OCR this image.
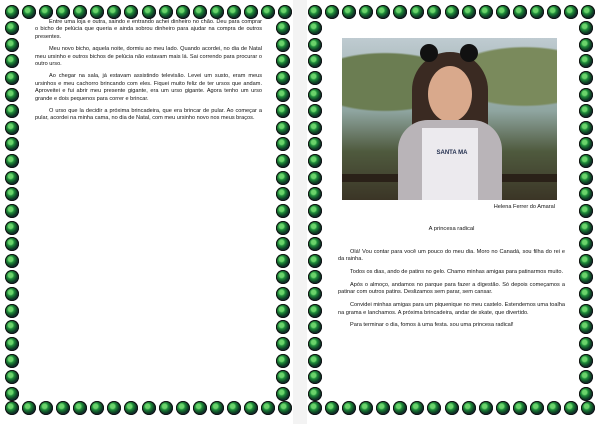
Entre uma loja e outra, saindo e entrando achei dinheiro no chão. Deu para comprar o bicho de pelúcia que queria e ainda sobrou dinheiro para ajudar na compra de outros presentes.

Meu novo bicho, aquela noite, dormiu ao meu lado. Quando acordei, no dia de Natal meu ursinho e outros bichos de pelúcia não estavam mais lá. Sai correndo para procurar o outro urso.

Ao chegar na sala, já estavam assistindo televisão. Levei um susto, eram meus ursinhos e meu cachorro brincando com eles. Fiquei muito feliz de ter ursos que andam. Aproveitei e fui abrir meu presente gigante, era um urso gigante. Agora tenho um urso grande e dois pequenos para correr e brincar.

O urso que la decidir a próxima brincadeira, que era brincar de pular. Ao começar a pular, acordei na minha cama, no dia de Natal, com meu ursinho novo nos meus braços.

SANTA MA
Helena Ferrer do Amaral
A princesa radical

Olá! Vou contar para você um pouco do meu dia. Moro no Canadá, sou filha do rei e da rainha.

Todos os dias, ando de patins no gelo. Chamo minhas amigas para patinarmos muito.

Após o almoço, andamos no parque para fazer a digestão. Só depois começamos a patinar com outros patins. Deslizamos sem parar, sem cansar.

Convidei minhas amigas para um piquenique no meu castelo. Estendemos uma toalha na grama e lanchamos. A próxima brincadeira, andar de skate, que divertido.

Para terminar o dia, fomos à uma festa. sou uma princesa radical!
